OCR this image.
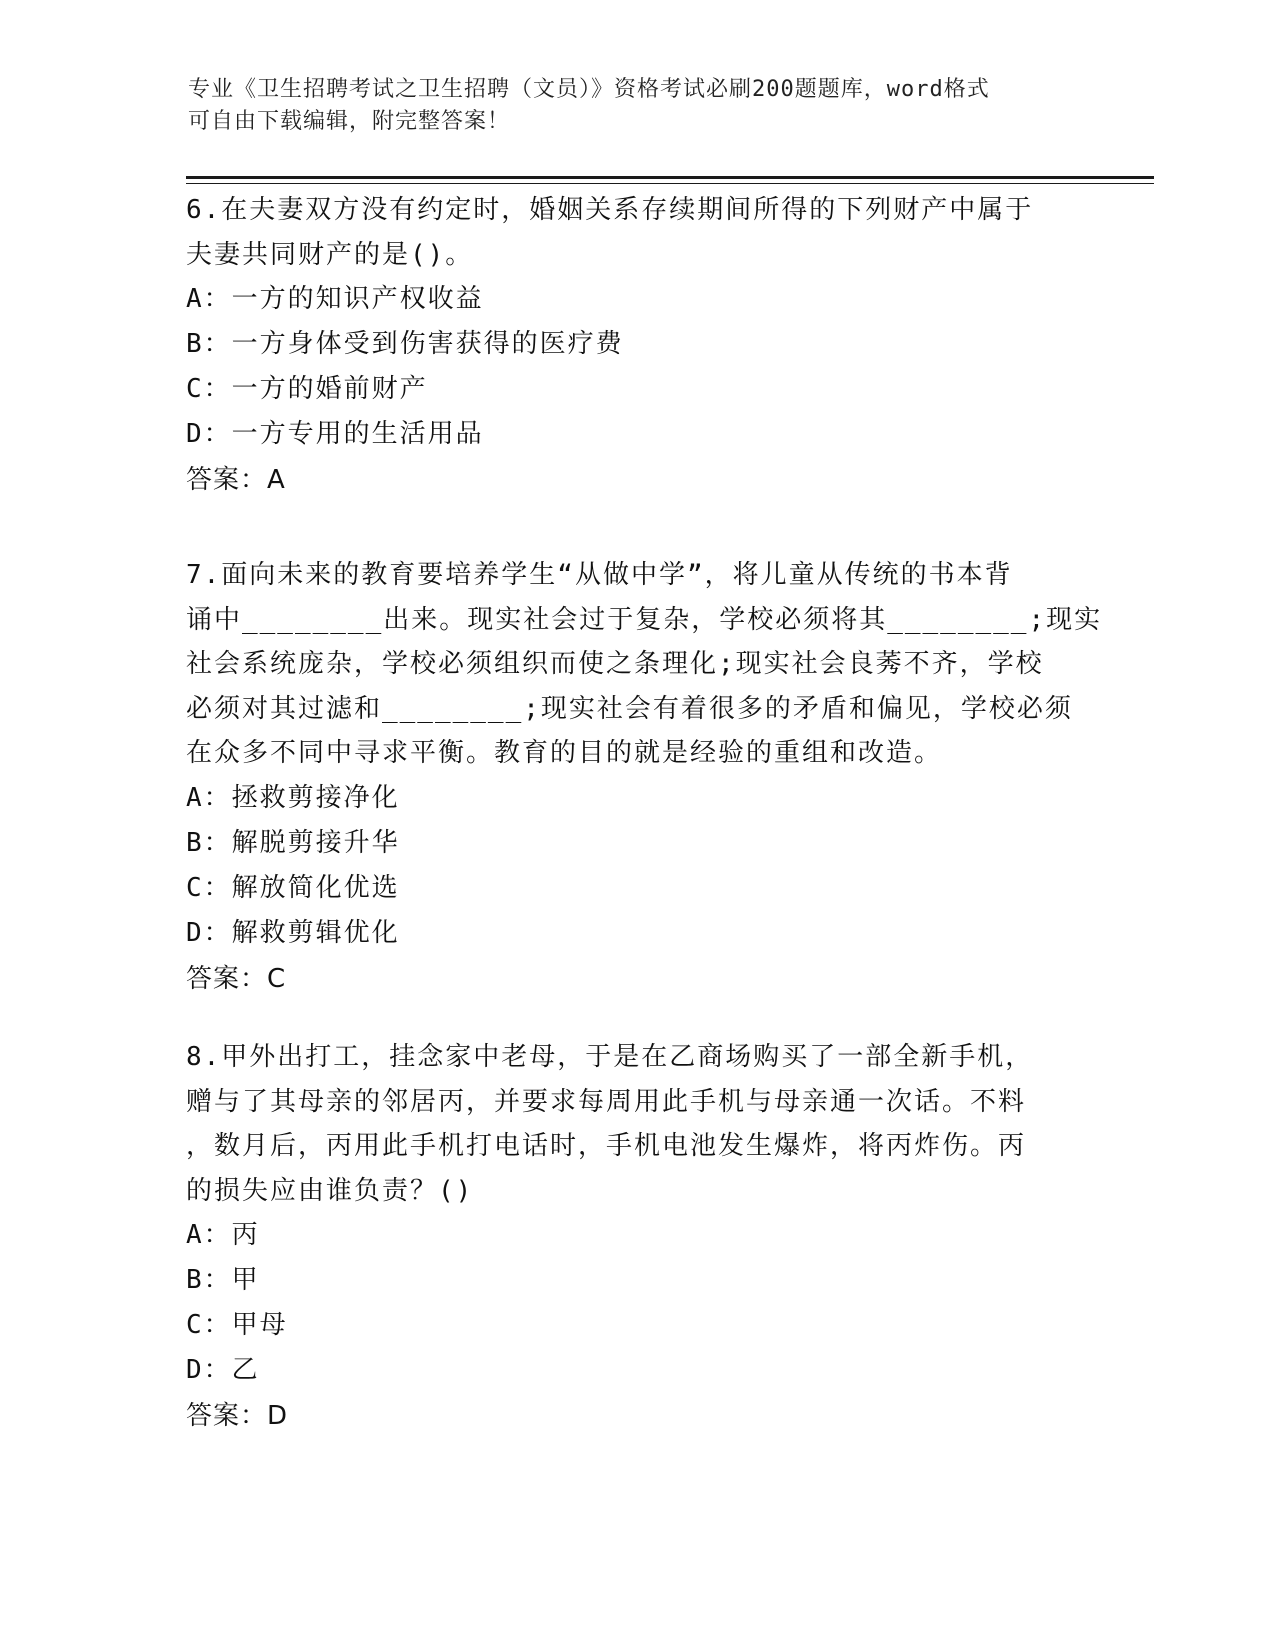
专业《卫生招聘考试之卫生招聘（文员）》资格考试必刷200题题库，word格式

可自由下载编辑，附完整答案！

6.在夫妻双方没有约定时，婚姻关系存续期间所得的下列财产中属于
夫妻共同财产的是()。

A：一方的知识产权收益

B：一方身体受到伤害获得的医疗费

C：一方的婚前财产

D：一方专用的生活用品

答案：A

7.面向未来的教育要培养学生“从做中学”，将儿童从传统的书本背
诵中________出来。现实社会过于复杂，学校必须将其________;现实
社会系统庞杂，学校必须组织而使之条理化;现实社会良莠不齐，学校
必须对其过滤和________;现实社会有着很多的矛盾和偏见，学校必须
在众多不同中寻求平衡。教育的目的就是经验的重组和改造。

A：拯救剪接净化

B：解脱剪接升华

C：解放简化优选

D：解救剪辑优化

答案：C

8.甲外出打工，挂念家中老母，于是在乙商场购买了一部全新手机，
赠与了其母亲的邻居丙，并要求每周用此手机与母亲通一次话。不料
，数月后，丙用此手机打电话时，手机电池发生爆炸，将丙炸伤。丙
的损失应由谁负责？()

A：丙

B：甲

C：甲母

D：乙

答案：D
